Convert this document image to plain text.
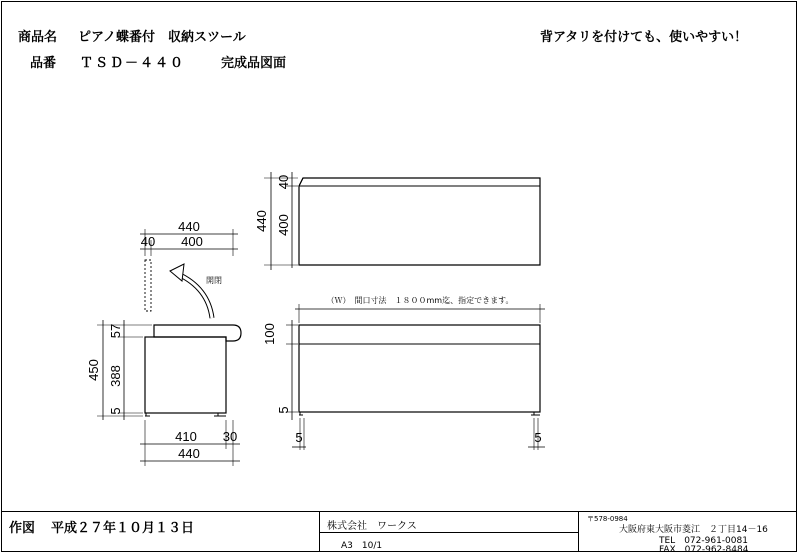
商品名 ピアノ蝶番付　収納スツール
品番 ＴＳＤ－４４０	完成品図面
背アタリを付けても、使いやすい！
440
40
400
（Ｗ）　間口寸法　１８００mm迄、指定できます。
100
5
5	5
440
40 400
開閉
450
57
388
5
410 30
440
作図 平成２７年１０月１３日	株式会社　ワークス
A3　10/1
〒578-0984
大阪府東大阪市菱江　２丁目14－16
TEL　072-961-0081
FAX　072-962-8484
